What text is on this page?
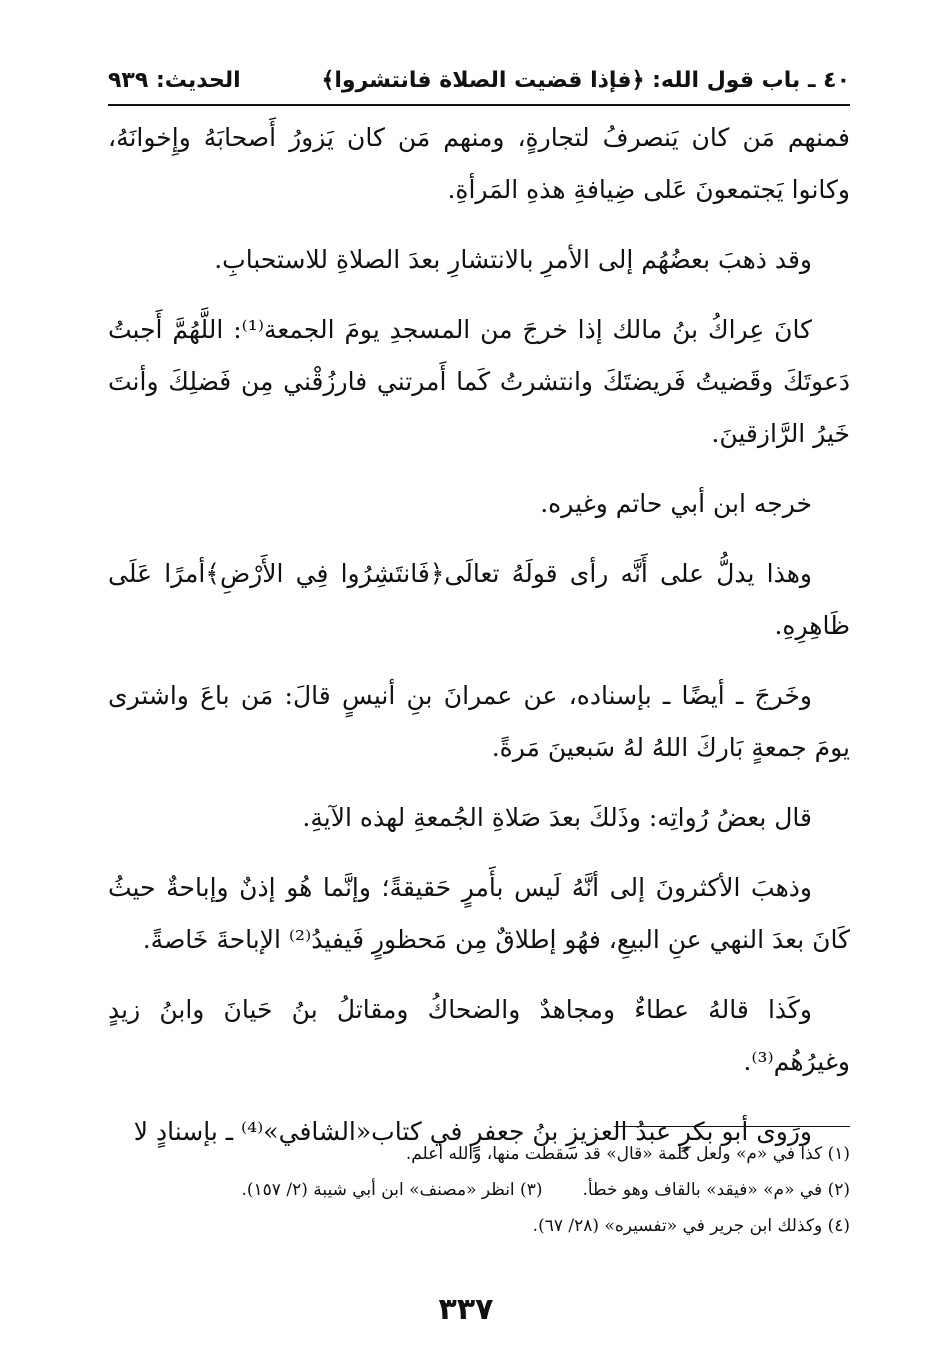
٤٠ ـ باب قول الله: ﴿فإذا قضيت الصلاة فانتشروا﴾
الحديث: ٩٣٩

فمنهم مَن كان يَنصرفُ لتجارةٍ، ومنهم مَن كان يَزورُ أَصحابَهُ وإِخوانَهُ، وكانوا يَجتمعونَ عَلى ضِيافةِ هذهِ المَرأةِ.

وقد ذهبَ بعضُهُم إلى الأمرِ بالانتشارِ بعدَ الصلاةِ للاستحبابِ.

كانَ عِراكُ بنُ مالك إذا خرجَ من المسجدِ يومَ الجمعة⁽¹⁾: اللَّهُمَّ أَجبتُ دَعوتَكَ وقَضيتُ فَريضتَكَ وانتشرتُ كَما أَمرتني فارزُقْني مِن فَضلِكَ وأنتَ خَيرُ الرَّازقينَ.

خرجه ابن أبي حاتم وغيره.

وهذا يدلُّ على أَنَّه رأى قولَهُ تعالَى﴿فَانتَشِرُوا فِي الأَرْضِ﴾أمرًا عَلَى ظَاهِرِهِ.

وخَرجَ ـ أيضًا ـ بإسناده، عن عمرانَ بنِ أنيسٍ قالَ: مَن باعَ واشترى يومَ جمعةٍ بَاركَ اللهُ لهُ سَبعينَ مَرةً.

قال بعضُ رُواتِه: وذَلكَ بعدَ صَلاةِ الجُمعةِ لهذه الآيةِ.

وذهبَ الأكثرونَ إلى أنَّهُ لَيس بأَمرٍ حَقيقةً؛ وإنَّما هُو إذنٌ وإباحةٌ حيثُ كَانَ بعدَ النهي عنِ البيعِ، فهُو إطلاقٌ مِن مَحظورٍ فَيفيدُ⁽²⁾ الإباحةَ خَاصةً.

وكَذا قالهُ عطاءٌ ومجاهدٌ والضحاكُ ومقاتلُ بنُ حَيانَ وابنُ زيدٍ وغيرُهُم⁽³⁾.

ورَوى أبو بكرٍ عبدُ العزيزِ بنُ جعفرٍ في كتاب«الشافي»⁽⁴⁾ ـ بإسنادٍ لا

(١) كذا في «م» ولعل كلمة «قال» قد سقطت منها، والله أعلم.

(٢) في «م» «فيقد» بالقاف وهو خطأ.
(٣) انظر «مصنف» ابن أبي شيبة (٢/ ١٥٧).

(٤) وكذلك ابن جرير في «تفسيره» (٢٨/ ٦٧).

٣٣٧
